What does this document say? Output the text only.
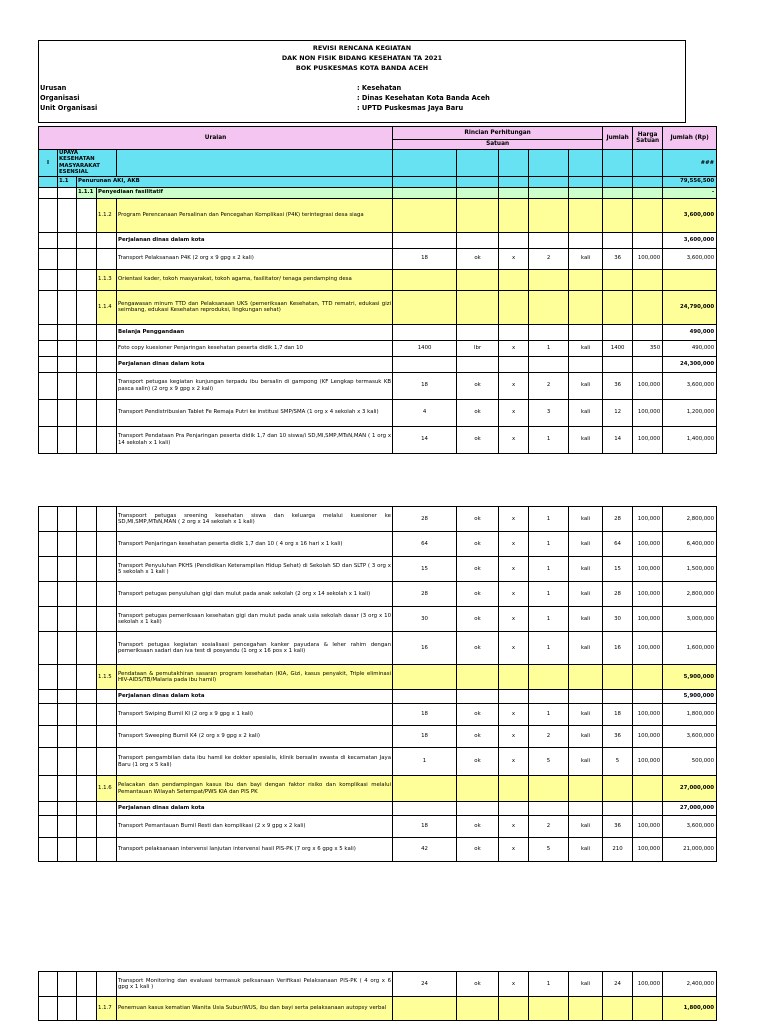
REVISI RENCANA KEGIATAN
DAK NON FISIK BIDANG KESEHATAN TA 2021
BOK PUSKESMAS KOTA BANDA ACEH
Urusan	: Kesehatan
Organisasi	: Dinas Kesehatan Kota Banda Aceh
Unit Organisasi	: UPTD Puskesmas Jaya Baru
Uraian					Rincian Perhitungan					Jumlah	Harga Satuan	Jumlah (Rp)
					Satuan							
I	UPAYA KESEHATAN MASYARAKAT ESENSIAL											###
	1.1	Penurunan AKI, AKB										79,556,500
		1.1.1	Penyediaan fasilitatif									-
			1.1.2	Program Perencanaan Persalinan dan Pencegahan Komplikasi (P4K) terintegrasi desa siaga								3,600,000
				Perjalanan dinas dalam kota								3,600,000
				Transport Pelaksanaan P4K (2 org x 9 gpg x 2 kali)	18	ok	x	2	kali	36	100,000	3,600,000
			1.1.3	Orientasi kader, tokoh masyarakat, tokoh agama, fasilitator/ tenaga pendamping desa								
			1.1.4	Pengawasan minum TTD dan Pelaksanaan UKS (pemeriksaan Kesehatan, TTD rematri, edukasi gizi seimbang, edukasi Kesehatan reproduksi, lingkungan sehat)								24,790,000
				Belanja Penggandaan								490,000
				Foto copy kuesioner Penjaringan kesehatan peserta didik 1,7 dan 10	1400	lbr	x	1	kali	1400	350	490,000
				Perjalanan dinas dalam kota								24,300,000
				Transport petugas kegiatan kunjungan terpadu ibu bersalin di gampong (KF Lengkap termasuk KB pasca salin) (2 org x 9 gpg x 2 kali)	18	ok	x	2	kali	36	100,000	3,600,000
				Transport Pendistribusian Tablet Fe Remaja Putri ke institusi SMP/SMA (1 org x 4 sekolah x 3 kali)	4	ok	x	3	kali	12	100,000	1,200,000
				Transport Pendataan Pra Penjaringan peserta didik 1,7 dan 10 siswa/i SD,MI,SMP,MTsN,MAN ( 1 org x 14 sekolah x 1 kali)	14	ok	x	1	kali	14	100,000	1,400,000
				Transpoort petugas sreening kesehatan siswa dan keluarga melalui kuesioner ke SD,MI,SMP,MTsN,MAN ( 2 org x 14 sekolah x 1 kali)	28	ok	x	1	kali	28	100,000	2,800,000
				Transport Penjaringan kesehatan peserta didik 1,7 dan 10 ( 4 org x 16 hari x 1 kali)	64	ok	x	1	kali	64	100,000	6,400,000
				Transport Penyuluhan PKHS (Pendidikan Keterampilan Hidup Sehat) di Sekolah SD dan SLTP ( 3 org x 5 sekolah x 1 kali )	15	ok	x	1	kali	15	100,000	1,500,000
				Transport petugas penyuluhan gigi dan mulut pada anak sekolah (2 org x 14 sekolah x 1 kali)	28	ok	x	1	kali	28	100,000	2,800,000
				Transport petugas pemeriksaan kesehatan gigi dan mulut pada anak usia sekolah dasar (3 org x 10 sekolah x 1 kali)	30	ok	x	1	kali	30	100,000	3,000,000
				Transport petugas kegiatan sosialisasi pencegahan kanker payudara & leher rahim dengan pemeriksaan sadari dan iva test di posyandu (1 org x 16 pos x 1 kali)	16	ok	x	1	kali	16	100,000	1,600,000
			1.1.5	Pendataan & pemutakhiran sasaran program kesehatan (KIA, Gizi, kasus penyakit, Triple eliminasi HIV-AIDS/TB/Malaria pada ibu hamil)								5,900,000
				Perjalanan dinas dalam kota								5,900,000
				Transport Swiping Bumil KI (2 org x 9 gpg x 1 kali)	18	ok	x	1	kali	18	100,000	1,800,000
				Transport Sweeping Bumil K4 (2 org x 9 gpg x 2 kali)	18	ok	x	2	kali	36	100,000	3,600,000
				Transport pengambilan data ibu hamil ke dokter spesialis, klinik bersalin swasta di kecamatan Jaya Baru (1 org x 5 kali)	1	ok	x	5	kali	5	100,000	500,000
			1.1.6	Pelacakan dan pendampingan kasus ibu dan bayi dengan faktor risiko dan komplikasi melalui Pemantauan Wilayah Setempat/PWS KIA dan PIS PK								27,000,000
				Perjalanan dinas dalam kota								27,000,000
				Transport Pemantauan Bumil Resti dan komplikasi (2 x 9 gpg x 2 kali)	18	ok	x	2	kali	36	100,000	3,600,000
				Transport pelaksanaan intervensi lanjutan intervensi hasil PIS-PK (7 org x 6 gpg x 5 kali)	42	ok	x	5	kali	210	100,000	21,000,000
				Transport Monitoring dan evaluasi termasuk pelksanaan Verifikasi Pelaksanaan PIS-PK ( 4 org x 6 gpg x 1 kali )	24	ok	x	1	kali	24	100,000	2,400,000
			1.1.7	Penemuan kasus kematian Wanita Usia Subur/WUS, ibu dan bayi serta pelaksanaan autopsy verbal								1,800,000
